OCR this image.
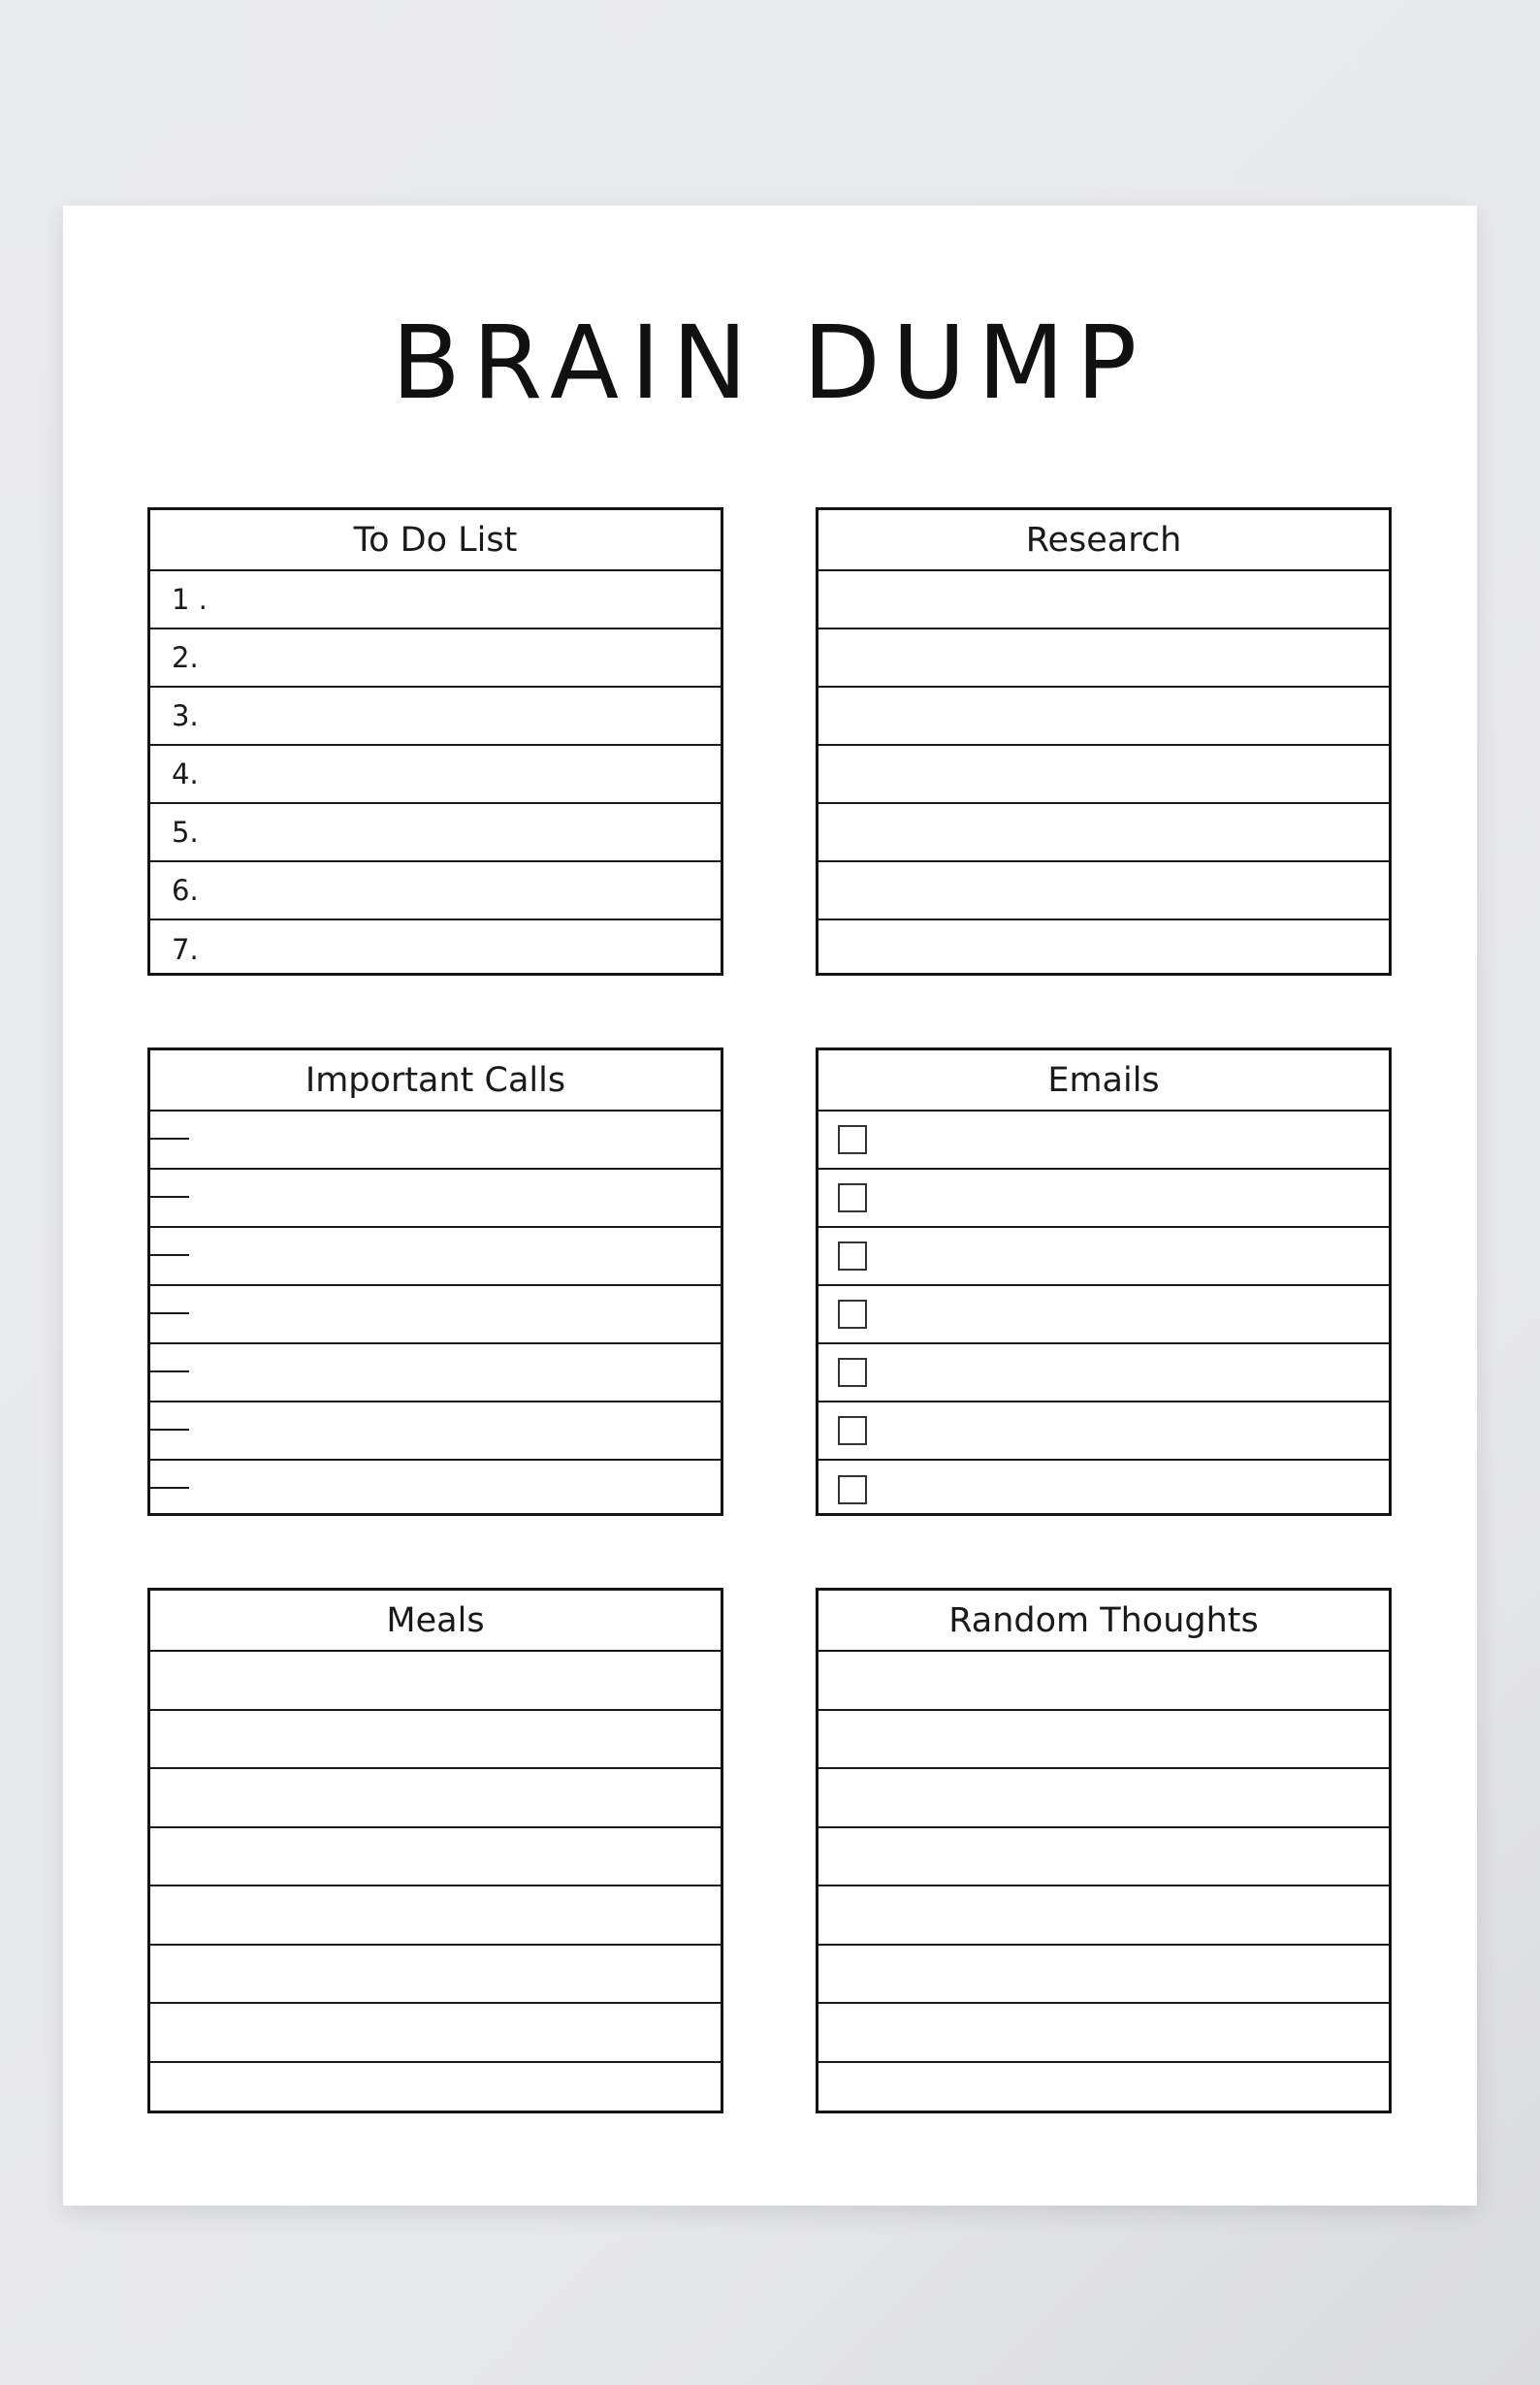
BRAIN DUMP
To Do List
1 .
2.
3.
4.
5.
6.
7.
Research
Important Calls	Emails
Meals	Random Thoughts
